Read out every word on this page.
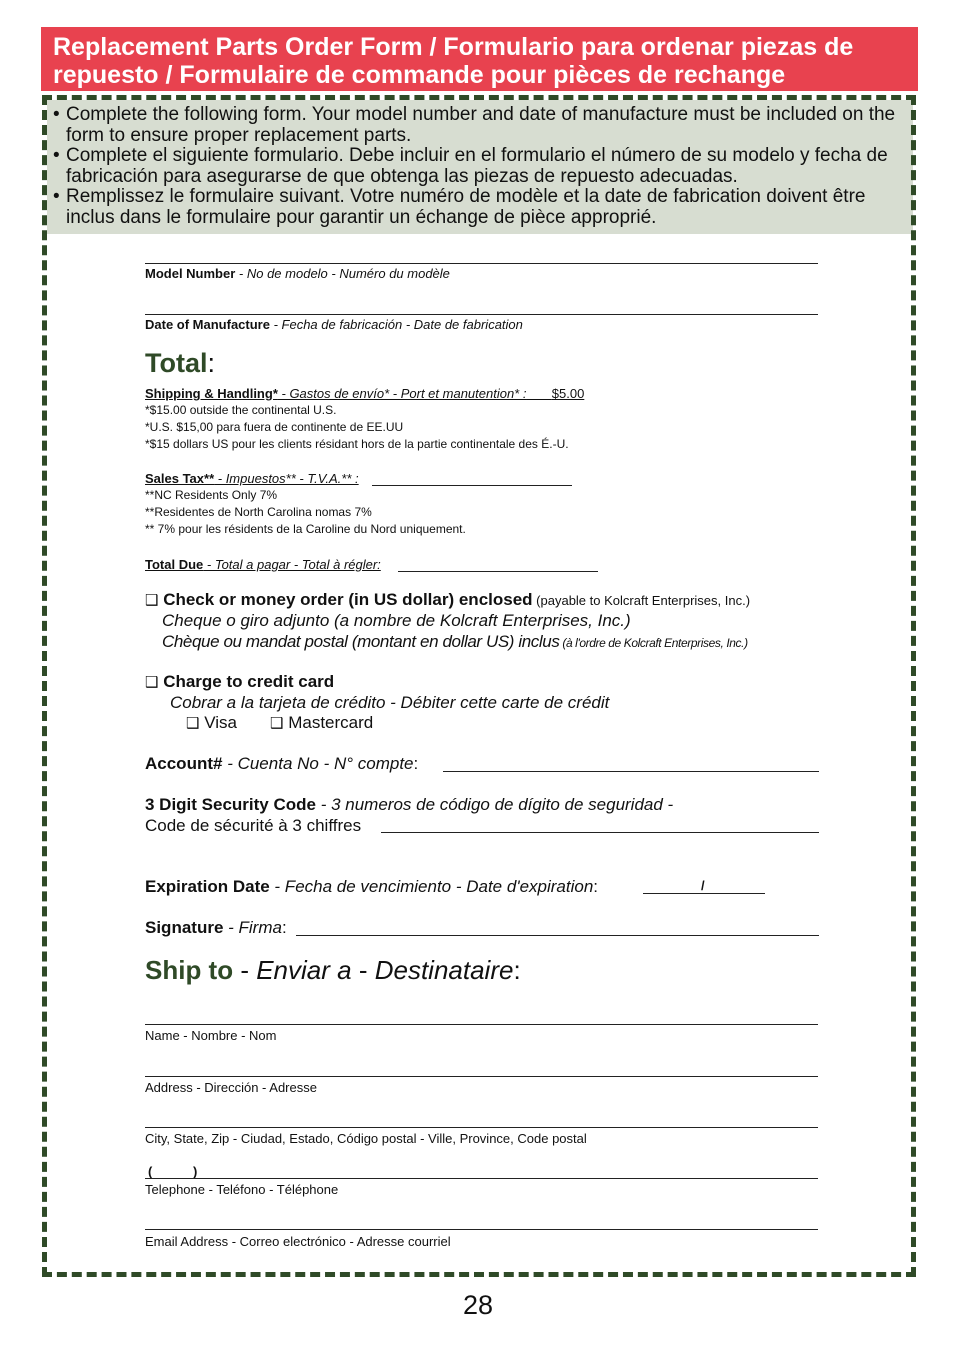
Replacement Parts Order Form / Formulario para ordenar piezas de repuesto / Formulaire de commande pour pièces de rechange
• Complete the following form. Your model number and date of manufacture must be included on the form to ensure proper replacement parts.
• Complete el siguiente formulario. Debe incluir en el formulario el número de su modelo y fecha de fabricación para asegurarse de que obtenga las piezas de repuesto adecuadas.
• Remplissez le formulaire suivant. Votre numéro de modèle et la date de fabrication doivent être inclus dans le formulaire pour garantir un échange de pièce approprié.
Model Number - No de modelo - Numéro du modèle
Date of Manufacture - Fecha de fabricación - Date de fabrication
Total:
Shipping & Handling* - Gastos de envío* - Port et manutention* : $5.00
*$15.00 outside the continental U.S.
*U.S. $15,00 para fuera de continente de EE.UU
*$15 dollars US pour les clients résidant hors de la partie continentale des É.-U.
Sales Tax** - Impuestos** - T.V.A.** :
**NC Residents Only 7%
**Residentes de North Carolina nomas 7%
** 7% pour les résidents de la Caroline du Nord uniquement.
Total Due - Total a pagar - Total à régler:
❑ Check or money order (in US dollar) enclosed (payable to Kolcraft Enterprises, Inc.)
Cheque o giro adjunto (a nombre de Kolcraft Enterprises, Inc.)
Chèque ou mandat postal (montant en dollar US) inclus (à l'ordre de Kolcraft Enterprises, Inc.)
❑ Charge to credit card
Cobrar a la tarjeta de crédito - Débiter cette carte de crédit
❑ Visa ❑ Mastercard
Account# - Cuenta No - N° compte:
3 Digit Security Code - 3 numeros de código de dígito de seguridad -
Code de sécurité à 3 chiffres
Expiration Date - Fecha de vencimiento - Date d'expiration:	/
Signature - Firma:
Ship to - Enviar a - Destinataire:
Name - Nombre - Nom
Address - Dirección - Adresse
City, State, Zip - Ciudad, Estado, Código postal - Ville, Province, Code postal
(	)
Telephone - Teléfono - Téléphone
Email Address - Correo electrónico - Adresse courriel
28
